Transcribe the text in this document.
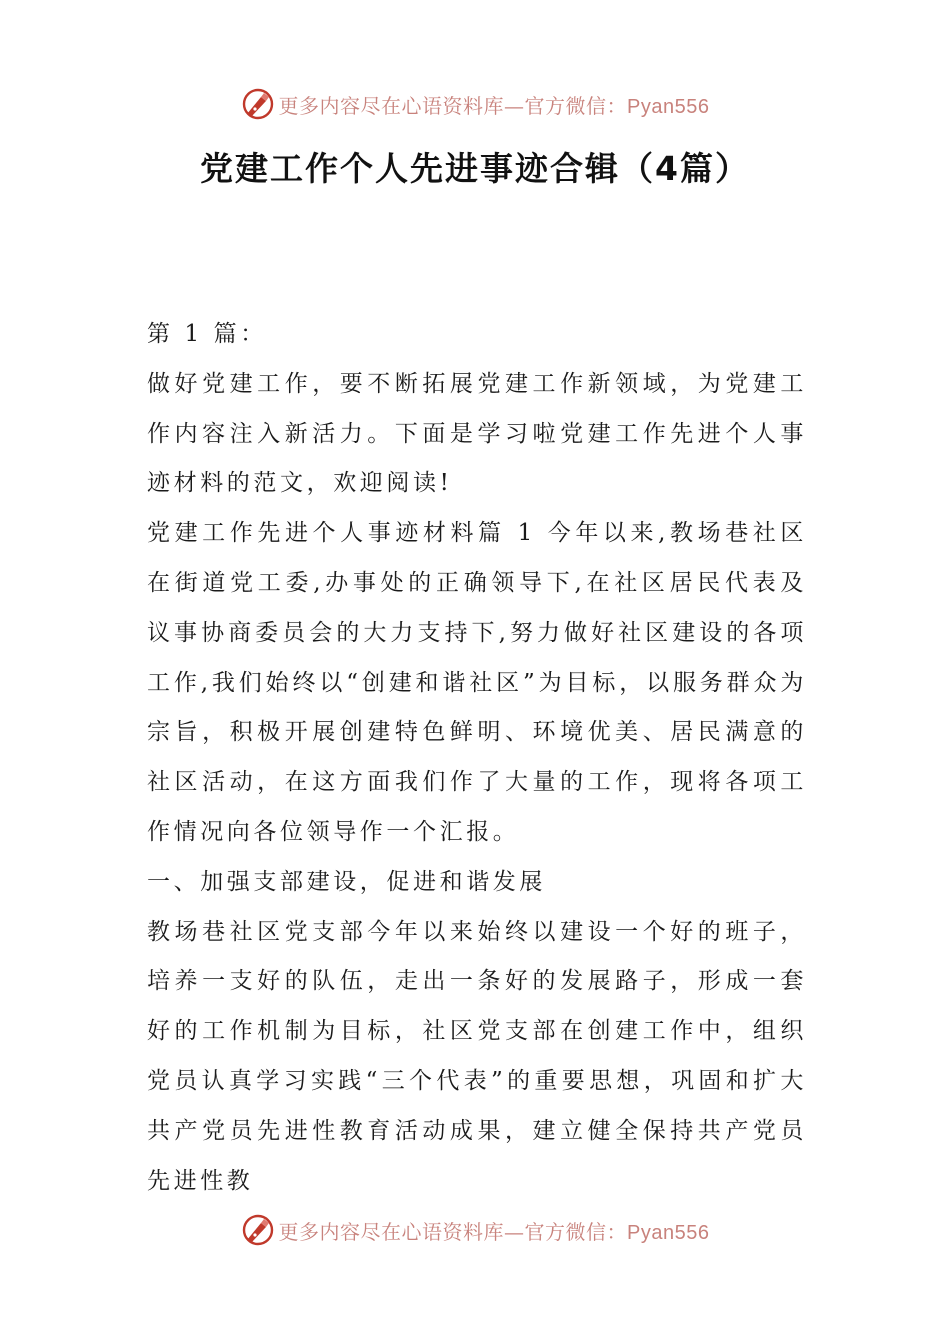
更多内容尽在心语资料库—官方微信：Pyan556
党建工作个人先进事迹合辑（4篇）

第 1 篇：

做好党建工作，要不断拓展党建工作新领域，为党建工作内容注入新活力。下面是学习啦党建工作先进个人事迹材料的范文，欢迎阅读!

党建工作先进个人事迹材料篇 1 今年以来,教场巷社区在街道党工委,办事处的正确领导下,在社区居民代表及议事协商委员会的大力支持下,努力做好社区建设的各项工作,我们始终以“创建和谐社区”为目标，以服务群众为宗旨，积极开展创建特色鲜明、环境优美、居民满意的社区活动，在这方面我们作了大量的工作，现将各项工作情况向各位领导作一个汇报。

一、加强支部建设，促进和谐发展

教场巷社区党支部今年以来始终以建设一个好的班子，培养一支好的队伍，走出一条好的发展路子，形成一套好的工作机制为目标，社区党支部在创建工作中，组织党员认真学习实践“三个代表”的重要思想，巩固和扩大共产党员先进性教育活动成果，建立健全保持共产党员先进性教

更多内容尽在心语资料库—官方微信：Pyan556
